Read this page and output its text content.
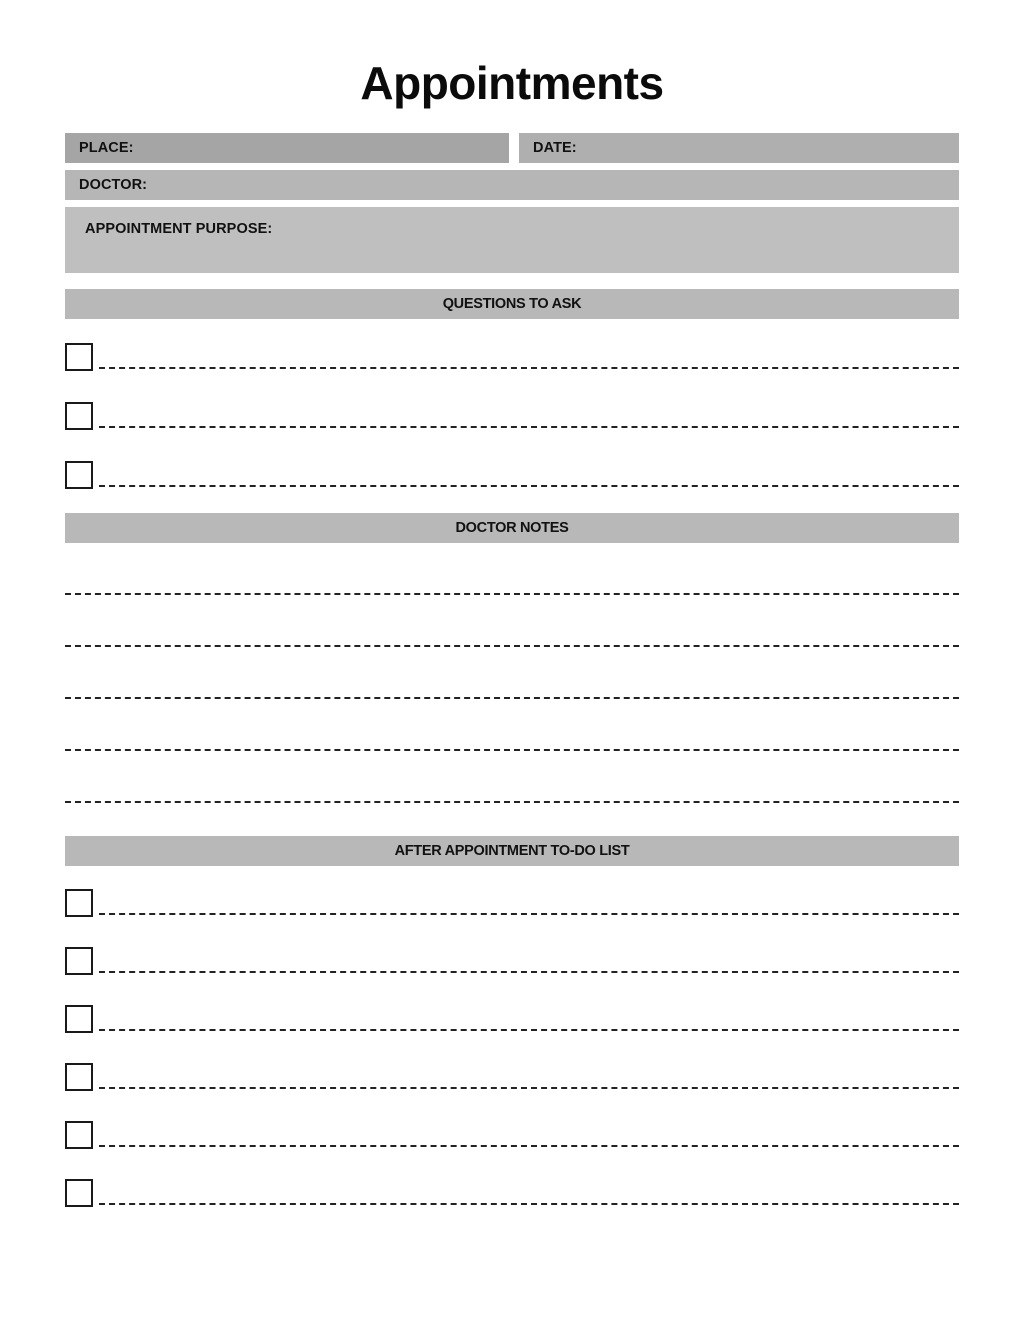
Appointments
PLACE:	DATE:
DOCTOR:
APPOINTMENT PURPOSE:
QUESTIONS TO ASK
DOCTOR NOTES
AFTER APPOINTMENT TO-DO LIST
